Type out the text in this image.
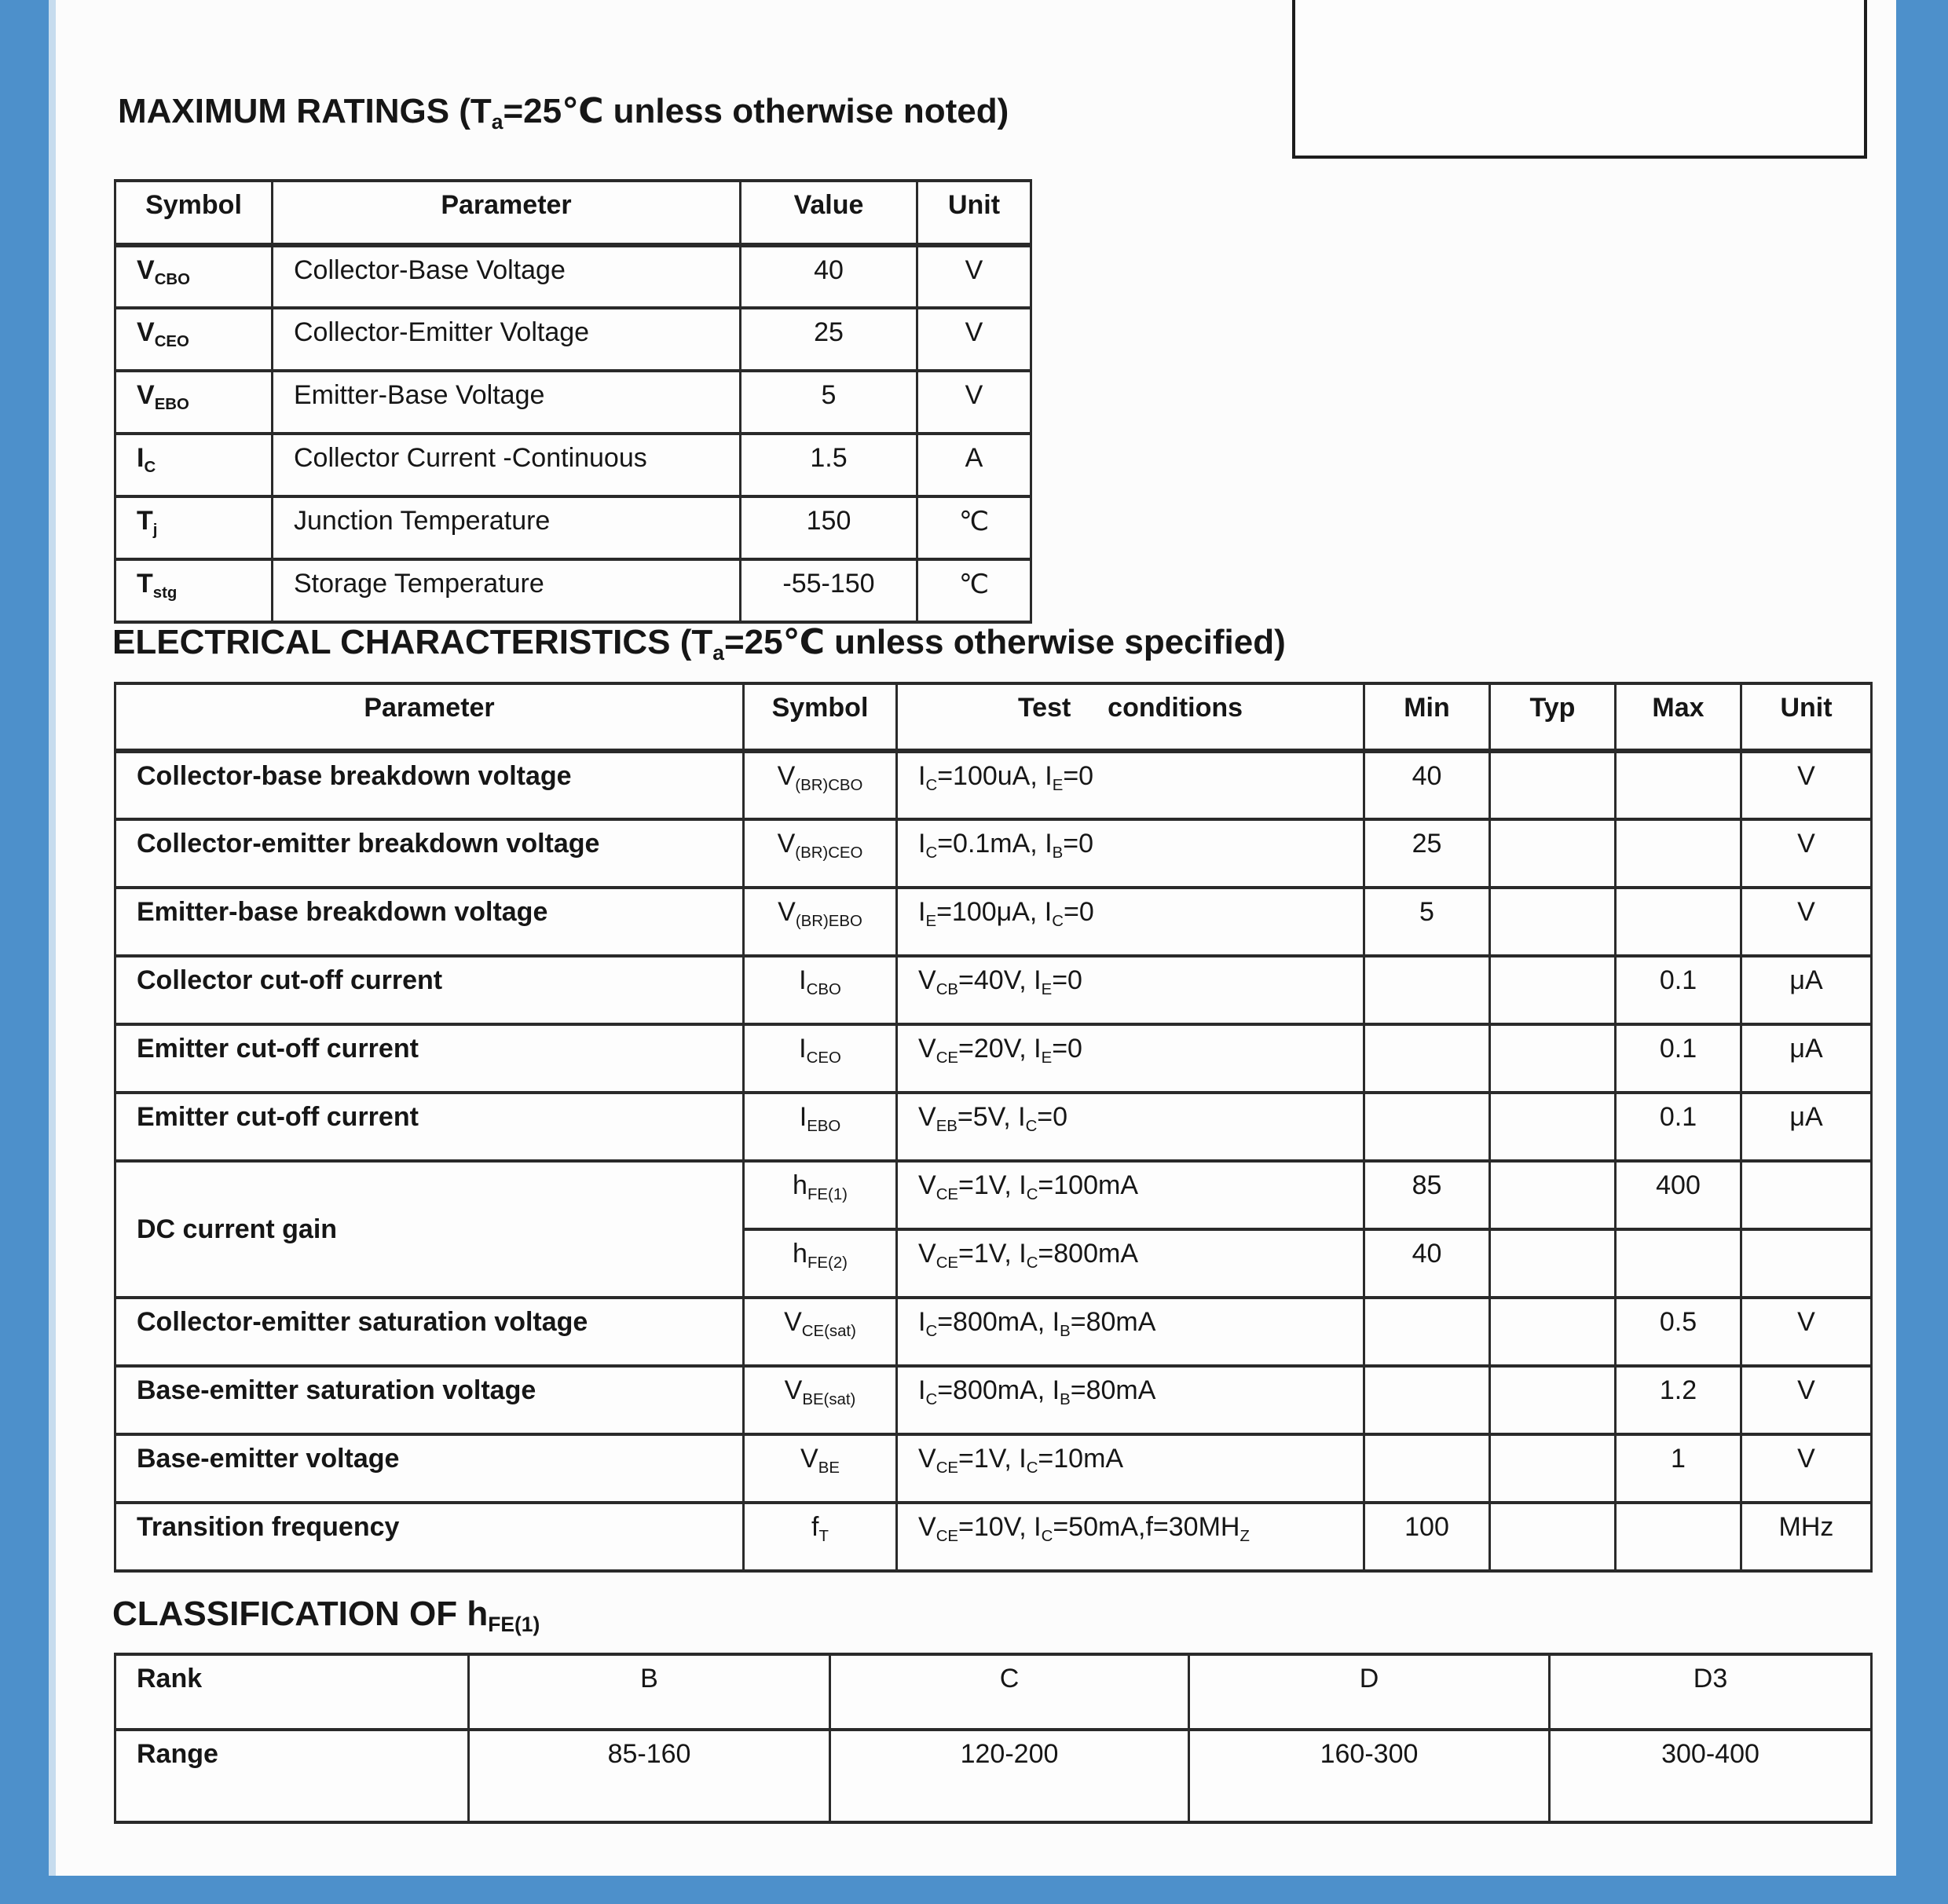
MAXIMUM RATINGS (Ta=25℃ unless otherwise noted)
Symbol	Parameter	Value	Unit
VCBO	Collector-Base Voltage	40	V
VCEO	Collector-Emitter Voltage	25	V
VEBO	Emitter-Base Voltage	5	V
IC	Collector Current -Continuous	1.5	A
Tj	Junction Temperature	150	℃
Tstg	Storage Temperature	-55-150	℃
ELECTRICAL CHARACTERISTICS (Ta=25℃ unless otherwise specified)
Parameter	Symbol	Test conditions	Min	Typ	Max	Unit
Collector-base breakdown voltage	V(BR)CBO	IC=100uA, IE=0	40			V
Collector-emitter breakdown voltage	V(BR)CEO	IC=0.1mA, IB=0	25			V
Emitter-base breakdown voltage	V(BR)EBO	IE=100μA, IC=0	5			V
Collector cut-off current	ICBO	VCB=40V, IE=0			0.1	μA
Emitter cut-off current	ICEO	VCE=20V, IE=0			0.1	μA
Emitter cut-off current	IEBO	VEB=5V, IC=0			0.1	μA
DC current gain	hFE(1)	VCE=1V, IC=100mA	85		400	
	hFE(2)	VCE=1V, IC=800mA	40			
Collector-emitter saturation voltage	VCE(sat)	IC=800mA, IB=80mA			0.5	V
Base-emitter saturation voltage	VBE(sat)	IC=800mA, IB=80mA			1.2	V
Base-emitter voltage	VBE	VCE=1V, IC=10mA			1	V
Transition frequency	fT	VCE=10V, IC=50mA,f=30MHZ	100			MHz
CLASSIFICATION OF hFE(1)
Rank	B	C	D	D3
Range	85-160	120-200	160-300	300-400
